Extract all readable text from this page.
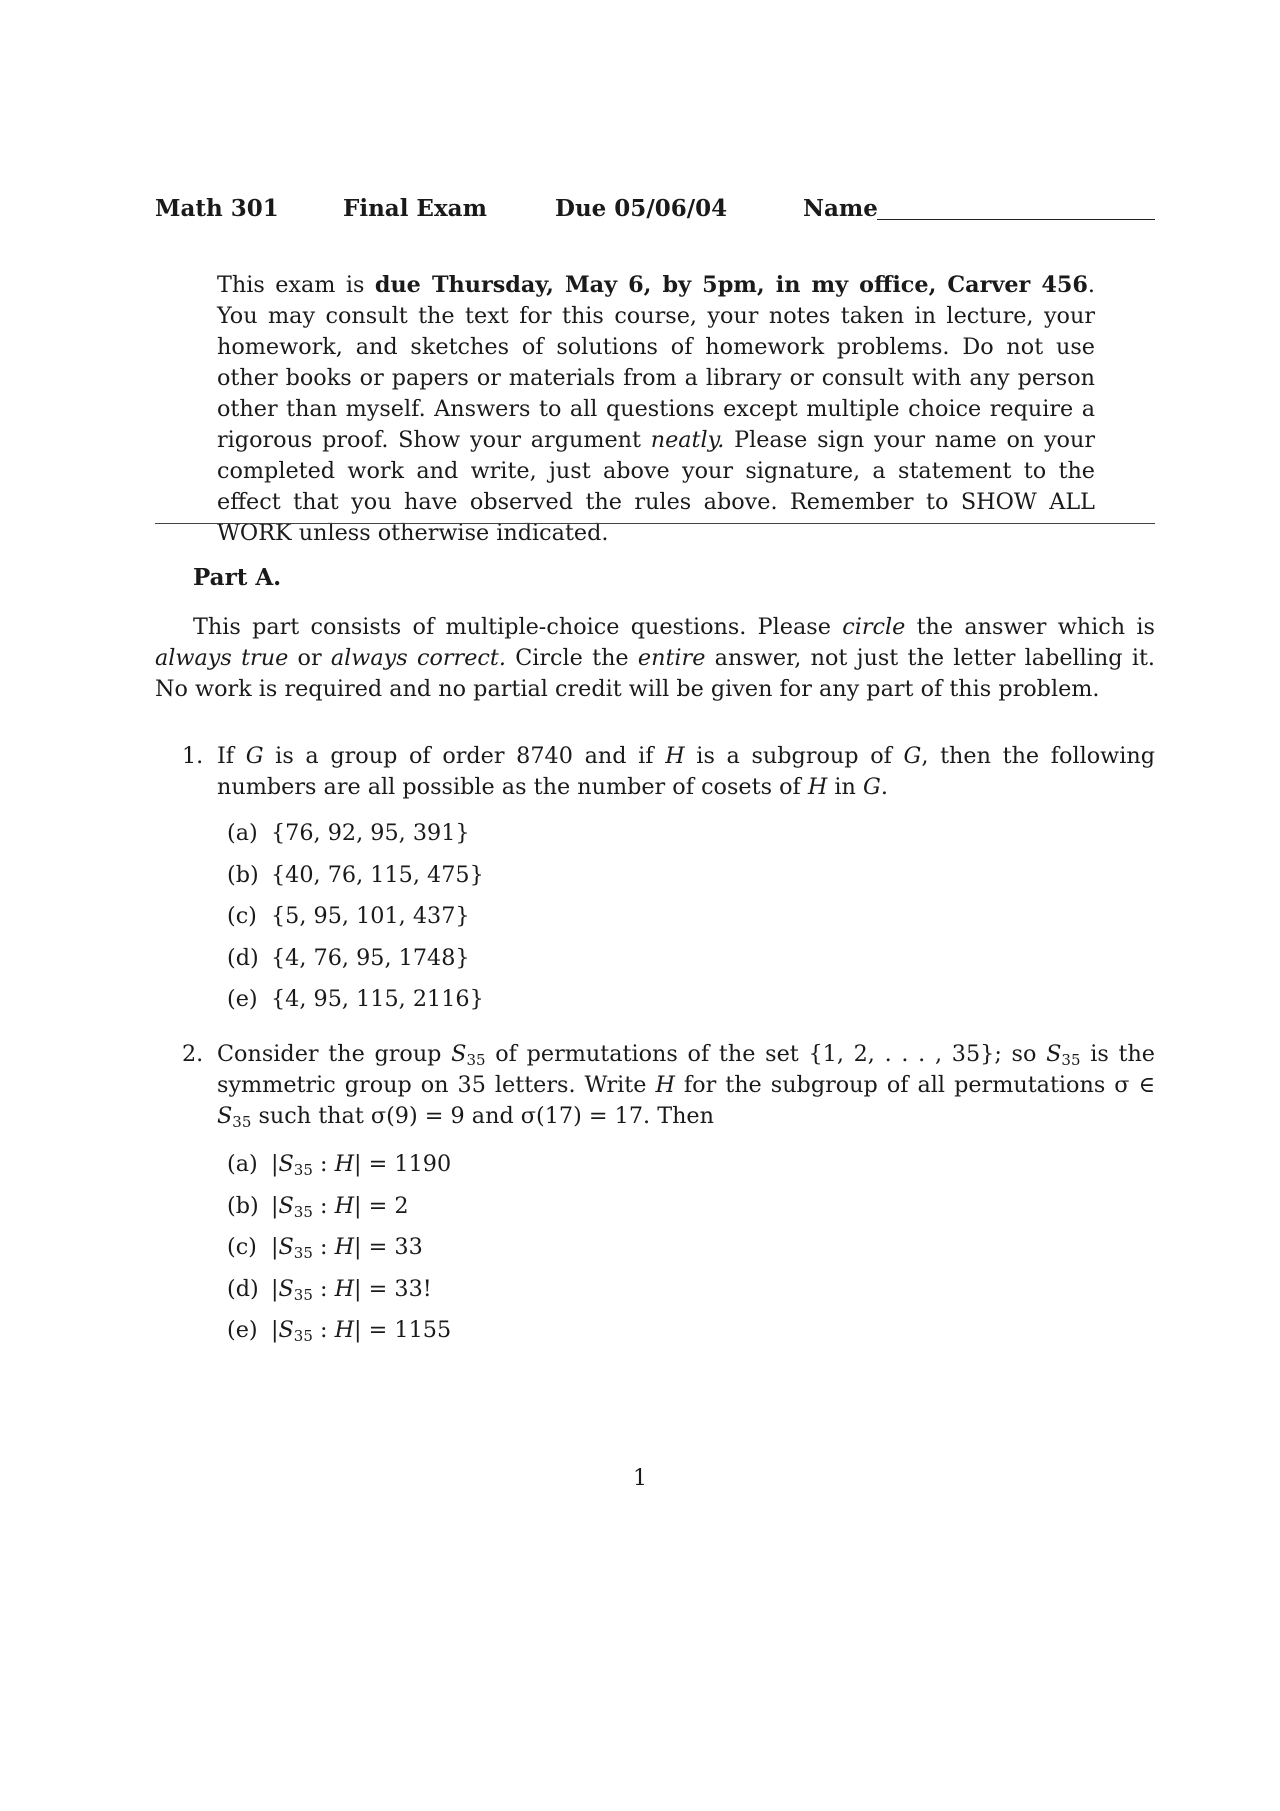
Math 301	Final Exam	Due 05/06/04	Name
This exam is due Thursday, May 6, by 5pm, in my office, Carver 456. You may consult the text for this course, your notes taken in lecture, your homework, and sketches of solutions of homework problems. Do not use other books or papers or materials from a library or consult with any person other than myself. Answers to all questions except multiple choice require a rigorous proof. Show your argument neatly. Please sign your name on your completed work and write, just above your signature, a statement to the effect that you have observed the rules above. Remember to SHOW ALL WORK unless otherwise indicated.
Part A.
This part consists of multiple-choice questions. Please circle the answer which is always true or always correct. Circle the entire answer, not just the letter labelling it. No work is required and no partial credit will be given for any part of this problem.
1. If G is a group of order 8740 and if H is a subgroup of G, then the following numbers are all possible as the number of cosets of H in G.
(a) {76, 92, 95, 391}
(b) {40, 76, 115, 475}
(c) {5, 95, 101, 437}
(d) {4, 76, 95, 1748}
(e) {4, 95, 115, 2116}
2. Consider the group $S_{35}$ of permutations of the set {1, 2, . . . , 35}; so $S_{35}$ is the symmetric group on 35 letters. Write H for the subgroup of all permutations σ ∈ $S_{35}$ such that σ(9) = 9 and σ(17) = 17. Then
(a) $|S_{35}$ : H| = 1190
(b) $|S_{35}$ : H| = 2
(c) $|S_{35}$ : H| = 33
(d) $|S_{35}$ : H| = 33!
(e) $|S_{35}$ : H| = 1155
1
